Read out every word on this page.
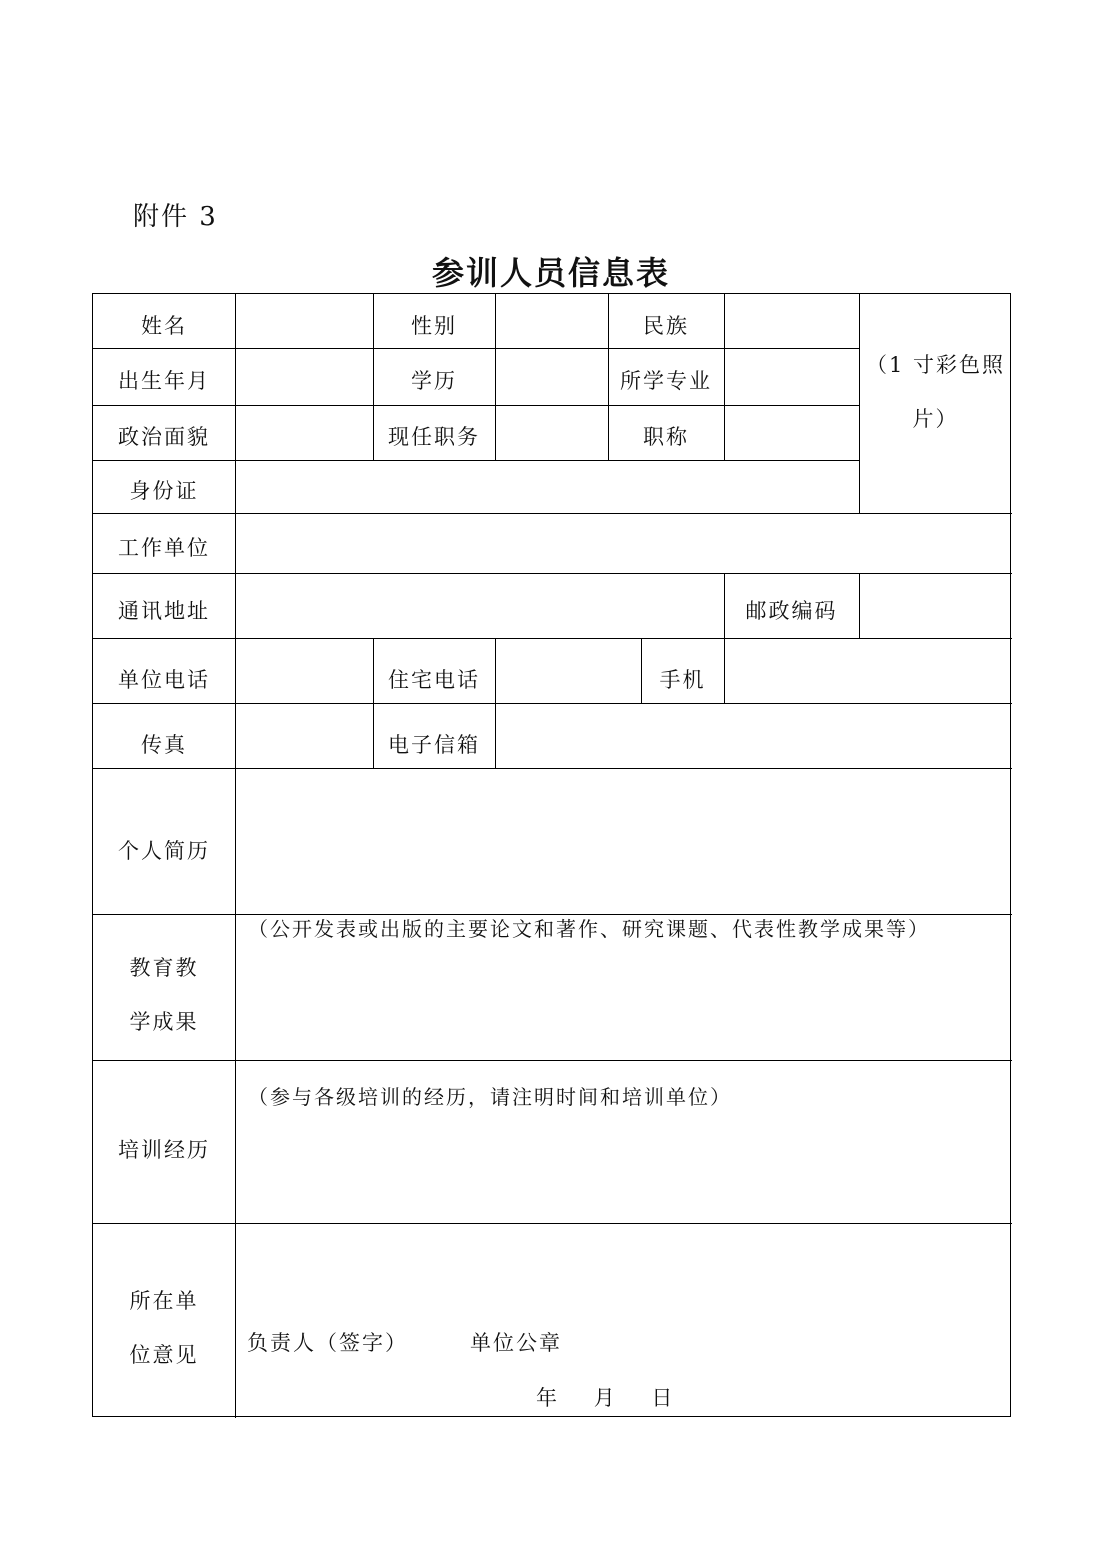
附件 3
参训人员信息表
姓名	性别	民族
出生年月	学历	所学专业
政治面貌	现任职务	职称
身份证
（1 寸彩色照
片）
工作单位
通讯地址	邮政编码
单位电话	住宅电话	手机
传真	电子信箱
个人简历
教育教
学成果
（公开发表或出版的主要论文和著作、研究课题、代表性教学成果等）
培训经历
（参与各级培训的经历，请注明时间和培训单位）
所在单
位意见	负责人（签字）	单位公章
年    月    日
